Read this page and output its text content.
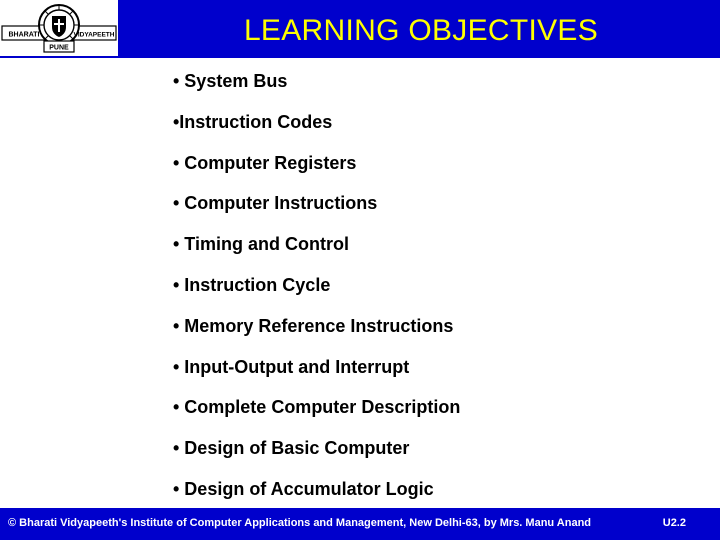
BHARATI	VIDYAPEETH
PUNE
LEARNING OBJECTIVES
• System Bus
•Instruction Codes
• Computer Registers
• Computer Instructions
• Timing and Control
• Instruction Cycle
• Memory Reference Instructions
• Input-Output and Interrupt
• Complete Computer Description
• Design of Basic Computer
• Design of Accumulator Logic
© Bharati Vidyapeeth's Institute of Computer Applications and Management, New Delhi-63, by Mrs. Manu Anand	U2.2
